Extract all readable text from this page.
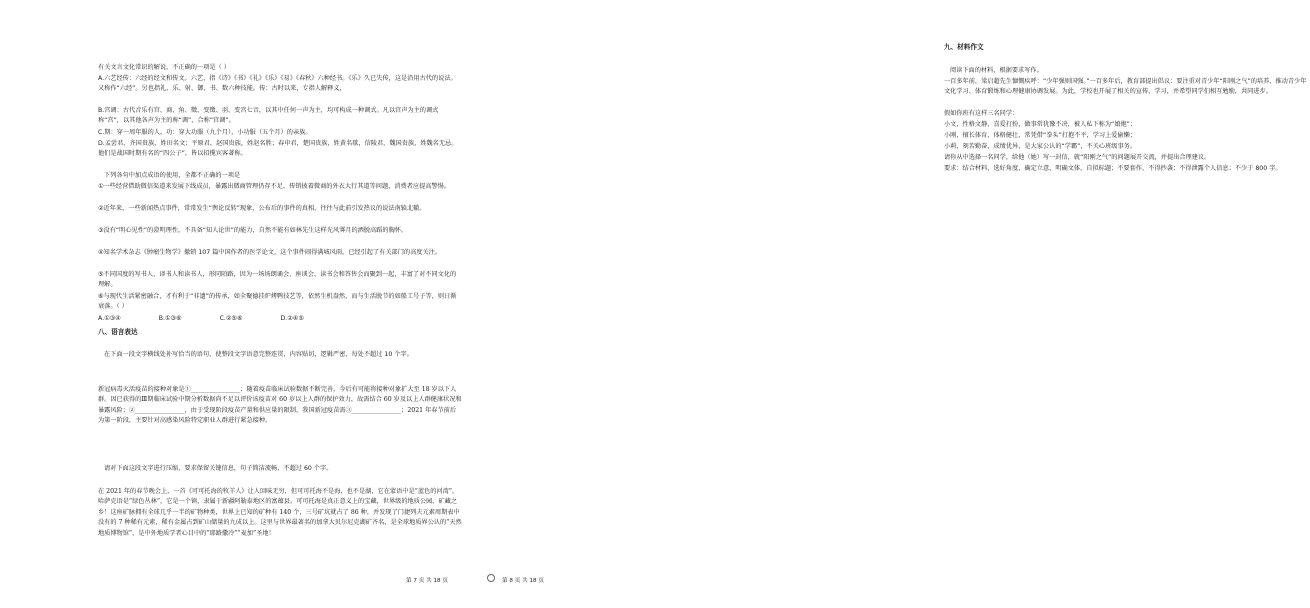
有关文言文化常识的解说，不正确的一项是（ ）

A.六艺经传：六经的经文和传文。六艺，指《诗》《书》《礼》《乐》《易》《春秋》六种经书。《乐》久已失传，这是沿用古代的说法。又称作“六经”。另也指礼、乐、射、御、书、数六种技能。传：古时以来，专指人解释义，

B.宫调：古代音乐有宫、商、角、徵、变徵、羽、变宫七音，以其中任何一声为主，均可构成一种调式。凡以宫声为主的调式称“宫”，以其他各声为主的称“调”，合称“宫调”。

C.期：穿一周年服的人，功：穿大功服（九个月），小功服（五个月）的亲族。

D.孟尝君，齐国贵族，姓田名文；平原君，赵国贵族，姓赵名胜；春申君，楚国贵族，姓黄名歇，信陵君，魏国贵族，姓魏名无忌。他们是战国时期有名的“四公子”，皆以招揽宾客著称。

下列各句中加点成语的使用，全都不正确的一项是

①一些经营借助微信渠道来发展下线成员，暴露出微商管理仍存不足，传销披着微商的外衣大行其道等问题，消费者应提高警惕。

②近年来，一些新闻热点事件，常常发生“舆论反转”现象，公布后的事件的真相，往往与此前引发热议的说法南辕北辙。

③没有“明心见性”的澄明理性，不具备“知人论世”的能力，自然不能有如林先生这样光风霁月的洒脱高蹈的胸怀。

④知名学术杂志《肿瘤生物学》撤销 107 篇中国作者的医学论文，这个事件闹得满城风雨，已经引起了有关部门的高度关注。

⑤不同国度的写书人、译书人和读书人，形同陌路，因为一场场朗诵会、座谈会、读书会和答售会而聚到一起，丰富了对不同文化的理解。

⑥与现代生活紧密融合，才有利于“非遗”的传承，如全聚德挂炉烤鸭技艺等，依然生机盎然，而与生活脱节的如船工号子等，则日渐衰落。（ ）

A.①③④	B.①③⑥	C.②⑤⑥	D.②④⑤

八、语言表达

在下面一段文字横线处补写恰当的语句，使整段文字语意完整连贯，内容贴切，逻辑严密，每处不超过 10 个字。

新冠病毒灭活疫苗的接种对象是①________________；随着疫苗临床试验数据不断完善，今后有可能将接种对象扩大至 18 岁以下人群。因已获得的Ⅲ期临床试验中期分析数据尚不足以评价该疫苗对 60 岁以上人群的保护效力，故需结合 60 岁及以上人群健康状况和暴露风险；②________________，由于受现阶段疫苗产量和供应量的限制，我国新冠疫苗需③________________；2021 年春节前后为第一阶段，主要针对高感染风险特定职业人群进行紧急接种。

请对下面这段文字进行压缩，要求保留关键信息，句子简洁流畅，不超过 60 个字。

在 2021 年的春节晚会上，一首《可可托海的牧羊人》让人回味无穷，但可可托海不是海，也不是湖，它在蒙语中是“蓝色的河湾”，哈萨克语是“绿色丛林”，它是一个镇，隶属于新疆阿勒泰地区的富蕴县。可可托海是真正意义上的宝藏，世界级的地质公园、矿藏之乡！这座矿脉拥有全球几乎一半的矿物种类，世界上已知的矿种有 140 个，三号矿坑就占了 86 种，并发现了门捷列夫元素周期表中没有的 7 种稀有元素，稀有金属占到矿山储量的九成以上。这里与世界最著名的加拿大贝尔尼克湖矿齐名，是全球地质界公认的“天然地质博物馆”，是中外地质学者心目中的“耶路撒冷”“麦加”圣地！

第 7 页 共 18 页

九、材料作文

阅读下面的材料，根据要求写作。

一百多年前，梁启超先生慷慨疾呼：“少年强则国强。”一百多年后，教育部提出倡议：要注重对青少年“阳刚之气”的培养，推动青少年文化学习、体育锻炼和心理健康协调发展。为此，学校也开展了相关的宣传、学习，并希望同学们相互勉励，共同进步。

假如你班有这样三名同学：

小文，性格文静，喜爱打扮，做事常犹豫不决，被人私下称为“娘炮”；

小刚，擅长体育，体格健壮，常凭借“拳头”打抱不平，学习上爱偷懒；

小莉，刻苦勤奋，成绩优异，是大家公认的“学霸”，不关心班级事务。

请你从中选择一名同学，给他（她）写一封信，就“阳刚之气”的问题展开交流，并提出合理建议。

要求：结合材料，选好角度，确定立意，明确文体，自拟标题；不要套作，不得抄袭；不得泄露个人信息；不少于 800 字。

第 8 页 共 18 页
